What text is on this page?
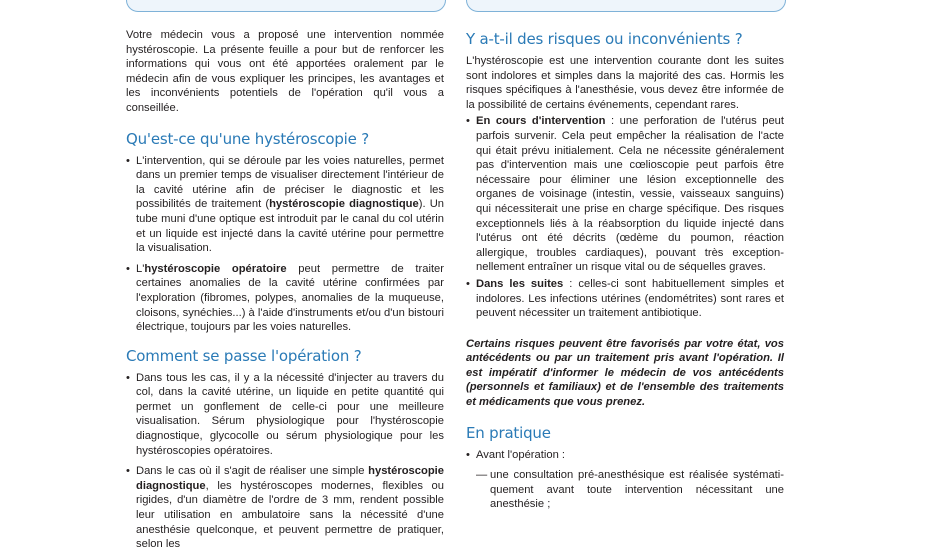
Votre médecin vous a proposé une intervention nommée hystéroscopie. La présente feuille a pour but de renforcer les informations qui vous ont été apportées oralement par le médecin afin de vous expliquer les principes, les avantages et les inconvénients potentiels de l'opération qu'il vous a conseillée.

Qu'est-ce qu'une hystéroscopie ?
• L'intervention, qui se déroule par les voies naturelles, permet dans un premier temps de visualiser directement l'intérieur de la cavité utérine afin de préciser le diagnostic et les possibilités de traitement (hystéroscopie diagnostique). Un tube muni d'une optique est introduit par le canal du col utérin et un liquide est injecté dans la cavité utérine pour permettre la visualisation.
• L'hystéroscopie opératoire peut permettre de traiter certaines anomalies de la cavité utérine confirmées par l'exploration (fibromes, polypes, anomalies de la muqueuse, cloisons, synéchies...) à l'aide d'instruments et/ou d'un bistouri électrique, toujours par les voies naturelles.
Comment se passe l'opération ?
• Dans tous les cas, il y a la nécessité d'injecter au travers du col, dans la cavité utérine, un liquide en petite quantité qui permet un gonflement de celle-ci pour une meilleure visualisation. Sérum physiologique pour l'hystéroscopie diagnostique, glycocolle ou sérum physiologique pour les hystéroscopies opératoires.
• Dans le cas où il s'agit de réaliser une simple hystéroscopie diagnostique, les hystéroscopes modernes, flexibles ou rigides, d'un diamètre de l'ordre de 3 mm, rendent possible leur utilisation en ambulatoire sans la nécessité d'une anesthésie quelconque, et peuvent permettre de pratiquer, selon les
Y a-t-il des risques ou inconvénients ?

L'hystéroscopie est une intervention courante dont les suites sont indolores et simples dans la majorité des cas. Hormis les risques spécifiques à l'anesthésie, vous devez être informée de la possibilité de certains événements, cependant rares.

• En cours d'intervention : une perforation de l'utérus peut parfois survenir. Cela peut empêcher la réalisation de l'acte qui était prévu initialement. Cela ne nécessite généralement pas d'intervention mais une cœlioscopie peut parfois être nécessaire pour éliminer une lésion exceptionnelle des organes de voisinage (intestin, vessie, vaisseaux sanguins) qui nécessiterait une prise en charge spécifique. Des risques exceptionnels liés à la réabsorption du liquide injecté dans l'utérus ont été décrits (œdème du poumon, réaction allergique, troubles cardiaques), pouvant très exceptionnellement entraîner un risque vital ou de séquelles graves.
• Dans les suites : celles-ci sont habituellement simples et indolores. Les infections utérines (endométrites) sont rares et peuvent nécessiter un traitement antibiotique.

Certains risques peuvent être favorisés par votre état, vos antécédents ou par un traitement pris avant l'opération. Il est impératif d'informer le médecin de vos antécédents (personnels et familiaux) et de l'ensemble des traitements et médicaments que vous prenez.

En pratique
• Avant l'opération :

— une consultation pré-anesthésique est réalisée systématiquement avant toute intervention nécessitant une anesthésie ;
